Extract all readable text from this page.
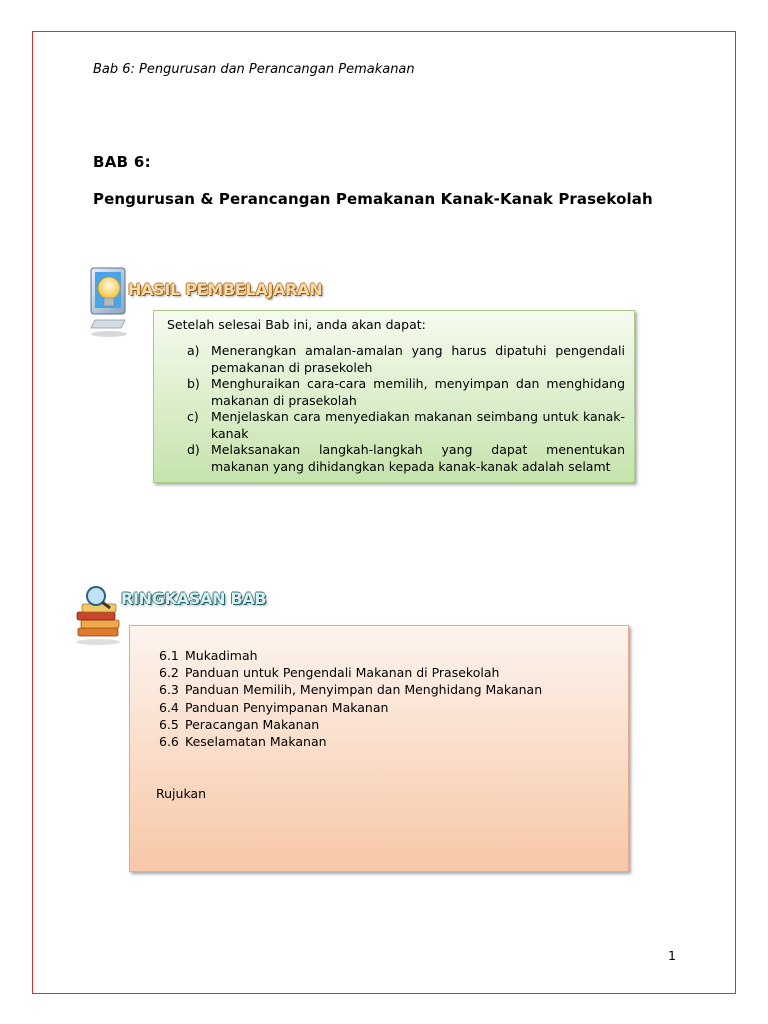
Bab 6: Pengurusan dan Perancangan Pemakanan
BAB 6:
Pengurusan & Perancangan Pemakanan Kanak-Kanak Prasekolah
HASIL PEMBELAJARAN
Setelah selesai Bab ini, anda akan dapat:
a) Menerangkan amalan-amalan yang harus dipatuhi pengendali pemakanan di prasekoleh
b) Menghuraikan cara-cara memilih, menyimpan dan menghidang makanan di prasekolah
c) Menjelaskan cara menyediakan makanan seimbang untuk kanak-kanak
d) Melaksanakan langkah-langkah yang dapat menentukan makanan yang dihidangkan kepada kanak-kanak adalah selamt
RINGKASAN BAB
6.1 Mukadimah
6.2 Panduan untuk Pengendali Makanan di Prasekolah
6.3 Panduan Memilih, Menyimpan dan Menghidang Makanan
6.4 Panduan Penyimpanan Makanan
6.5 Peracangan Makanan
6.6 Keselamatan Makanan
Rujukan
1
